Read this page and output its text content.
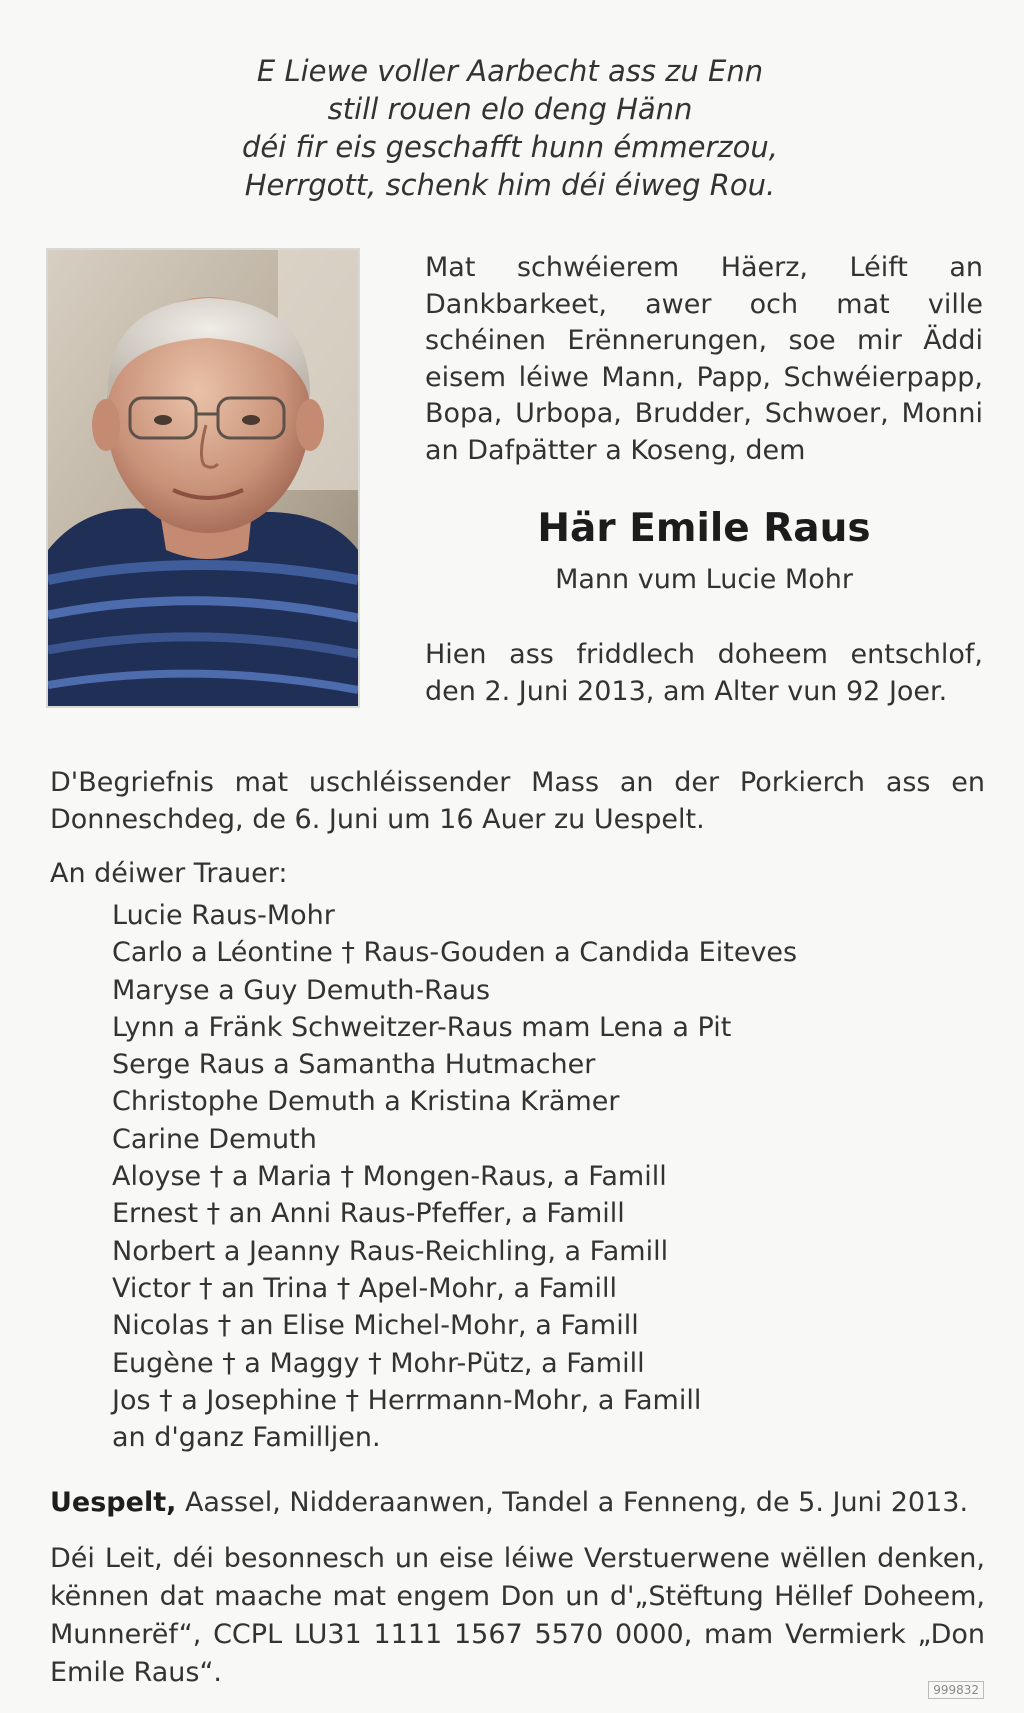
E Liewe voller Aarbecht ass zu Enn
still rouen elo deng Hänn
déi fir eis geschafft hunn émmerzou,
Herrgott, schenk him déi éiweg Rou.
Mat schwéierem Häerz, Léift an Dankbarkeet, awer och mat ville schéinen Erënnerungen, soe mir Äddi eisem léiwe Mann, Papp, Schwéierpapp, Bopa, Urbopa, Brudder, Schwoer, Monni an Dafpätter a Koseng, dem
Här Emile Raus
Mann vum Lucie Mohr
Hien ass friddlech doheem entschlof, den 2. Juni 2013, am Alter vun 92 Joer.
D'Begriefnis mat uschléissender Mass an der Porkierch ass en Donneschdeg, de 6. Juni um 16 Auer zu Uespelt.
An déiwer Trauer:
Lucie Raus-Mohr
Carlo a Léontine † Raus-Gouden a Candida Eiteves
Maryse a Guy Demuth-Raus
Lynn a Fränk Schweitzer-Raus mam Lena a Pit
Serge Raus a Samantha Hutmacher
Christophe Demuth a Kristina Krämer
Carine Demuth
Aloyse † a Maria † Mongen-Raus, a Famill
Ernest † an Anni Raus-Pfeffer, a Famill
Norbert a Jeanny Raus-Reichling, a Famill
Victor † an Trina † Apel-Mohr, a Famill
Nicolas † an Elise Michel-Mohr, a Famill
Eugène † a Maggy † Mohr-Pütz, a Famill
Jos † a Josephine † Herrmann-Mohr, a Famill
an d'ganz Familljen.
Uespelt, Aassel, Nidderaanwen, Tandel a Fenneng, de 5. Juni 2013.
Déi Leit, déi besonnesch un eise léiwe Verstuerwene wëllen denken, kënnen dat maache mat engem Don un d'„Stëftung Hëllef Doheem, Munnerëf“, CCPL LU31 1111 1567 5570 0000, mam Vermierk „Don Emile Raus“.
999832
